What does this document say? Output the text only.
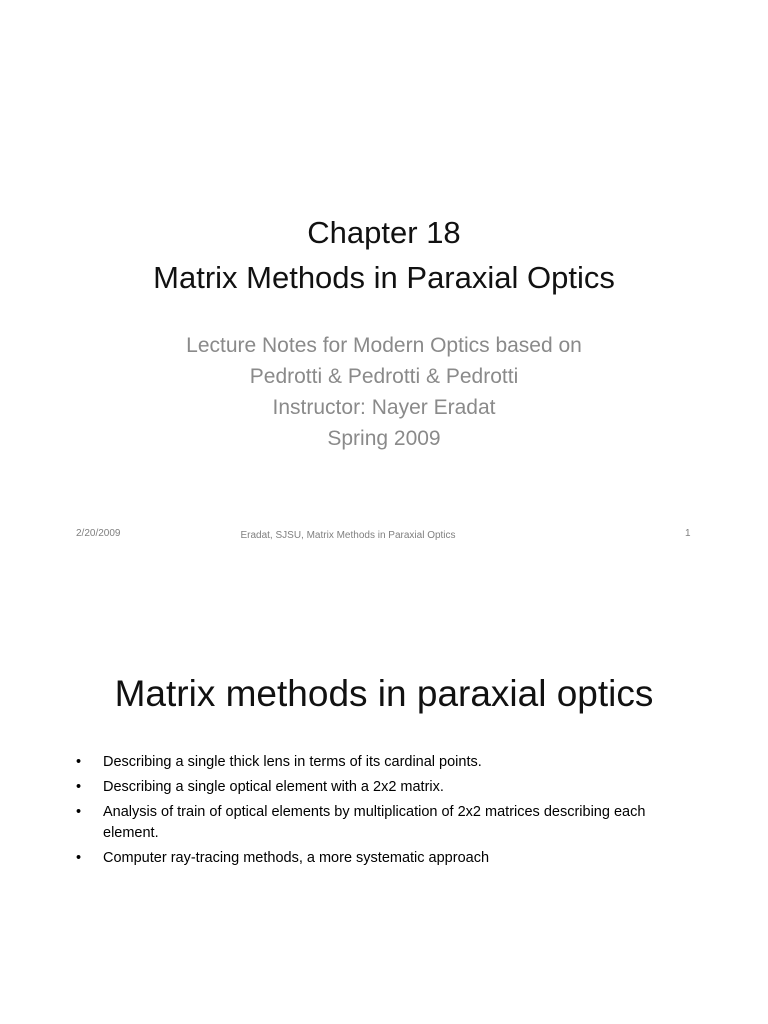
Chapter 18
Matrix Methods in Paraxial Optics
Lecture Notes for Modern Optics based on
Pedrotti & Pedrotti & Pedrotti
Instructor: Nayer Eradat
Spring 2009
2/20/2009	Eradat, SJSU, Matrix Methods in Paraxial Optics	1
Matrix methods in paraxial optics
• Describing a single thick lens in terms of its cardinal points.
• Describing a single optical element with a 2x2 matrix.
• Analysis of train of optical elements by multiplication of 2x2 matrices describing each element.
• Computer ray-tracing methods, a more systematic approach
